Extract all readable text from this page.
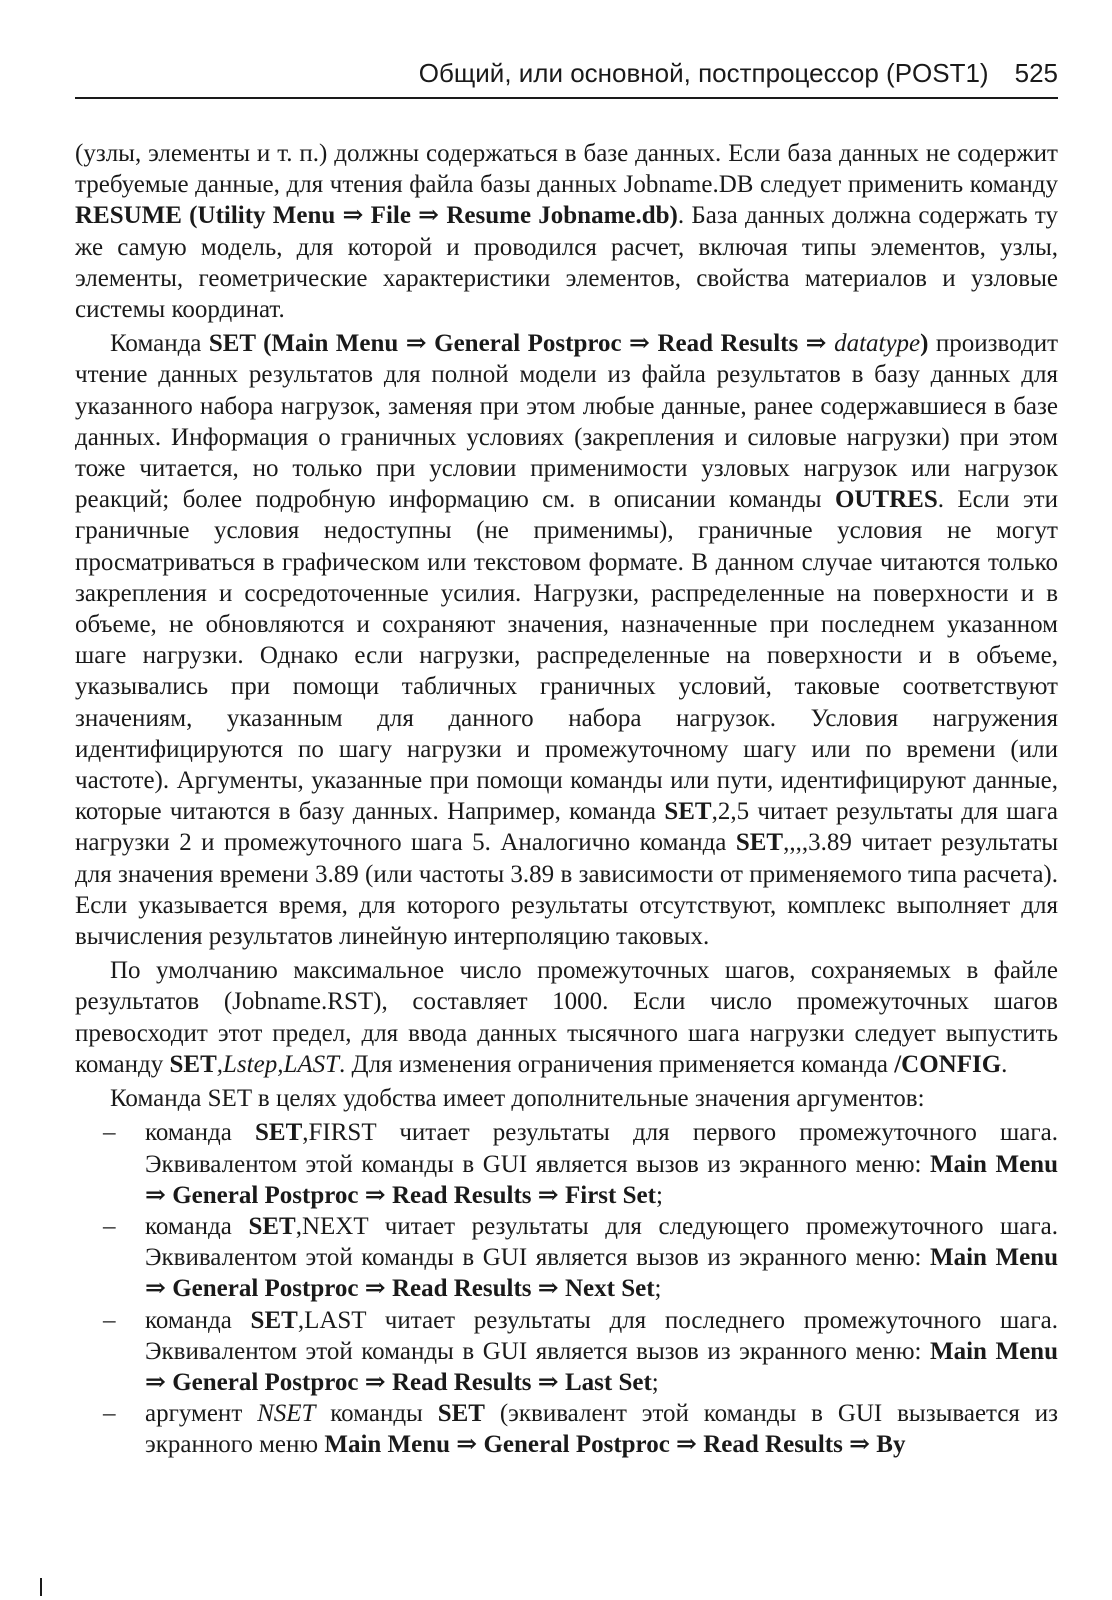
Общий, или основной, постпроцессор (POST1) 525

(узлы, элементы и т. п.) должны содержаться в базе данных. Если база данных не содержит требуемые данные, для чтения файла базы данных Jobname.DB следует применить команду RESUME (Utility Menu ⇒ File ⇒ Resume Jobname.db). База данных должна содержать ту же самую модель, для которой и проводился расчет, включая типы элементов, узлы, элементы, геометрические характеристики элементов, свойства материалов и узловые системы координат.

Команда SET (Main Menu ⇒ General Postproc ⇒ Read Results ⇒ datatype) производит чтение данных результатов для полной модели из файла результатов в базу данных для указанного набора нагрузок, заменяя при этом любые данные, ранее содержавшиеся в базе данных. Информация о граничных условиях (закрепления и силовые нагрузки) при этом тоже читается, но только при условии применимости узловых нагрузок или нагрузок реакций; более подробную информацию см. в описании команды OUTRES. Если эти граничные условия недоступны (не применимы), граничные условия не могут просматриваться в графическом или текстовом формате. В данном случае читаются только закрепления и сосредоточенные усилия. Нагрузки, распределенные на поверхности и в объеме, не обновляются и сохраняют значения, назначенные при последнем указанном шаге нагрузки. Однако если нагрузки, распределенные на поверхности и в объеме, указывались при помощи табличных граничных условий, таковые соответствуют значениям, указанным для данного набора нагрузок. Условия нагружения идентифицируются по шагу нагрузки и промежуточному шагу или по времени (или частоте). Аргументы, указанные при помощи команды или пути, идентифицируют данные, которые читаются в базу данных. Например, команда SET,2,5 читает результаты для шага нагрузки 2 и промежуточного шага 5. Аналогично команда SET,,,,3.89 читает результаты для значения времени 3.89 (или частоты 3.89 в зависимости от применяемого типа расчета). Если указывается время, для которого результаты отсутствуют, комплекс выполняет для вычисления результатов линейную интерполяцию таковых.

По умолчанию максимальное число промежуточных шагов, сохраняемых в файле результатов (Jobname.RST), составляет 1000. Если число промежуточных шагов превосходит этот предел, для ввода данных тысячного шага нагрузки следует выпустить команду SET,Lstep,LAST. Для изменения ограничения применяется команда /CONFIG.

Команда SET в целях удобства имеет дополнительные значения аргументов:

– команда SET,FIRST читает результаты для первого промежуточного шага. Эквивалентом этой команды в GUI является вызов из экранного меню: Main Menu ⇒ General Postproc ⇒ Read Results ⇒ First Set;
– команда SET,NEXT читает результаты для следующего промежуточного шага. Эквивалентом этой команды в GUI является вызов из экранного меню: Main Menu ⇒ General Postproc ⇒ Read Results ⇒ Next Set;
– команда SET,LAST читает результаты для последнего промежуточного шага. Эквивалентом этой команды в GUI является вызов из экранного меню: Main Menu ⇒ General Postproc ⇒ Read Results ⇒ Last Set;
– аргумент NSET команды SET (эквивалент этой команды в GUI вызывается из экранного меню Main Menu ⇒ General Postproc ⇒ Read Results ⇒ By
